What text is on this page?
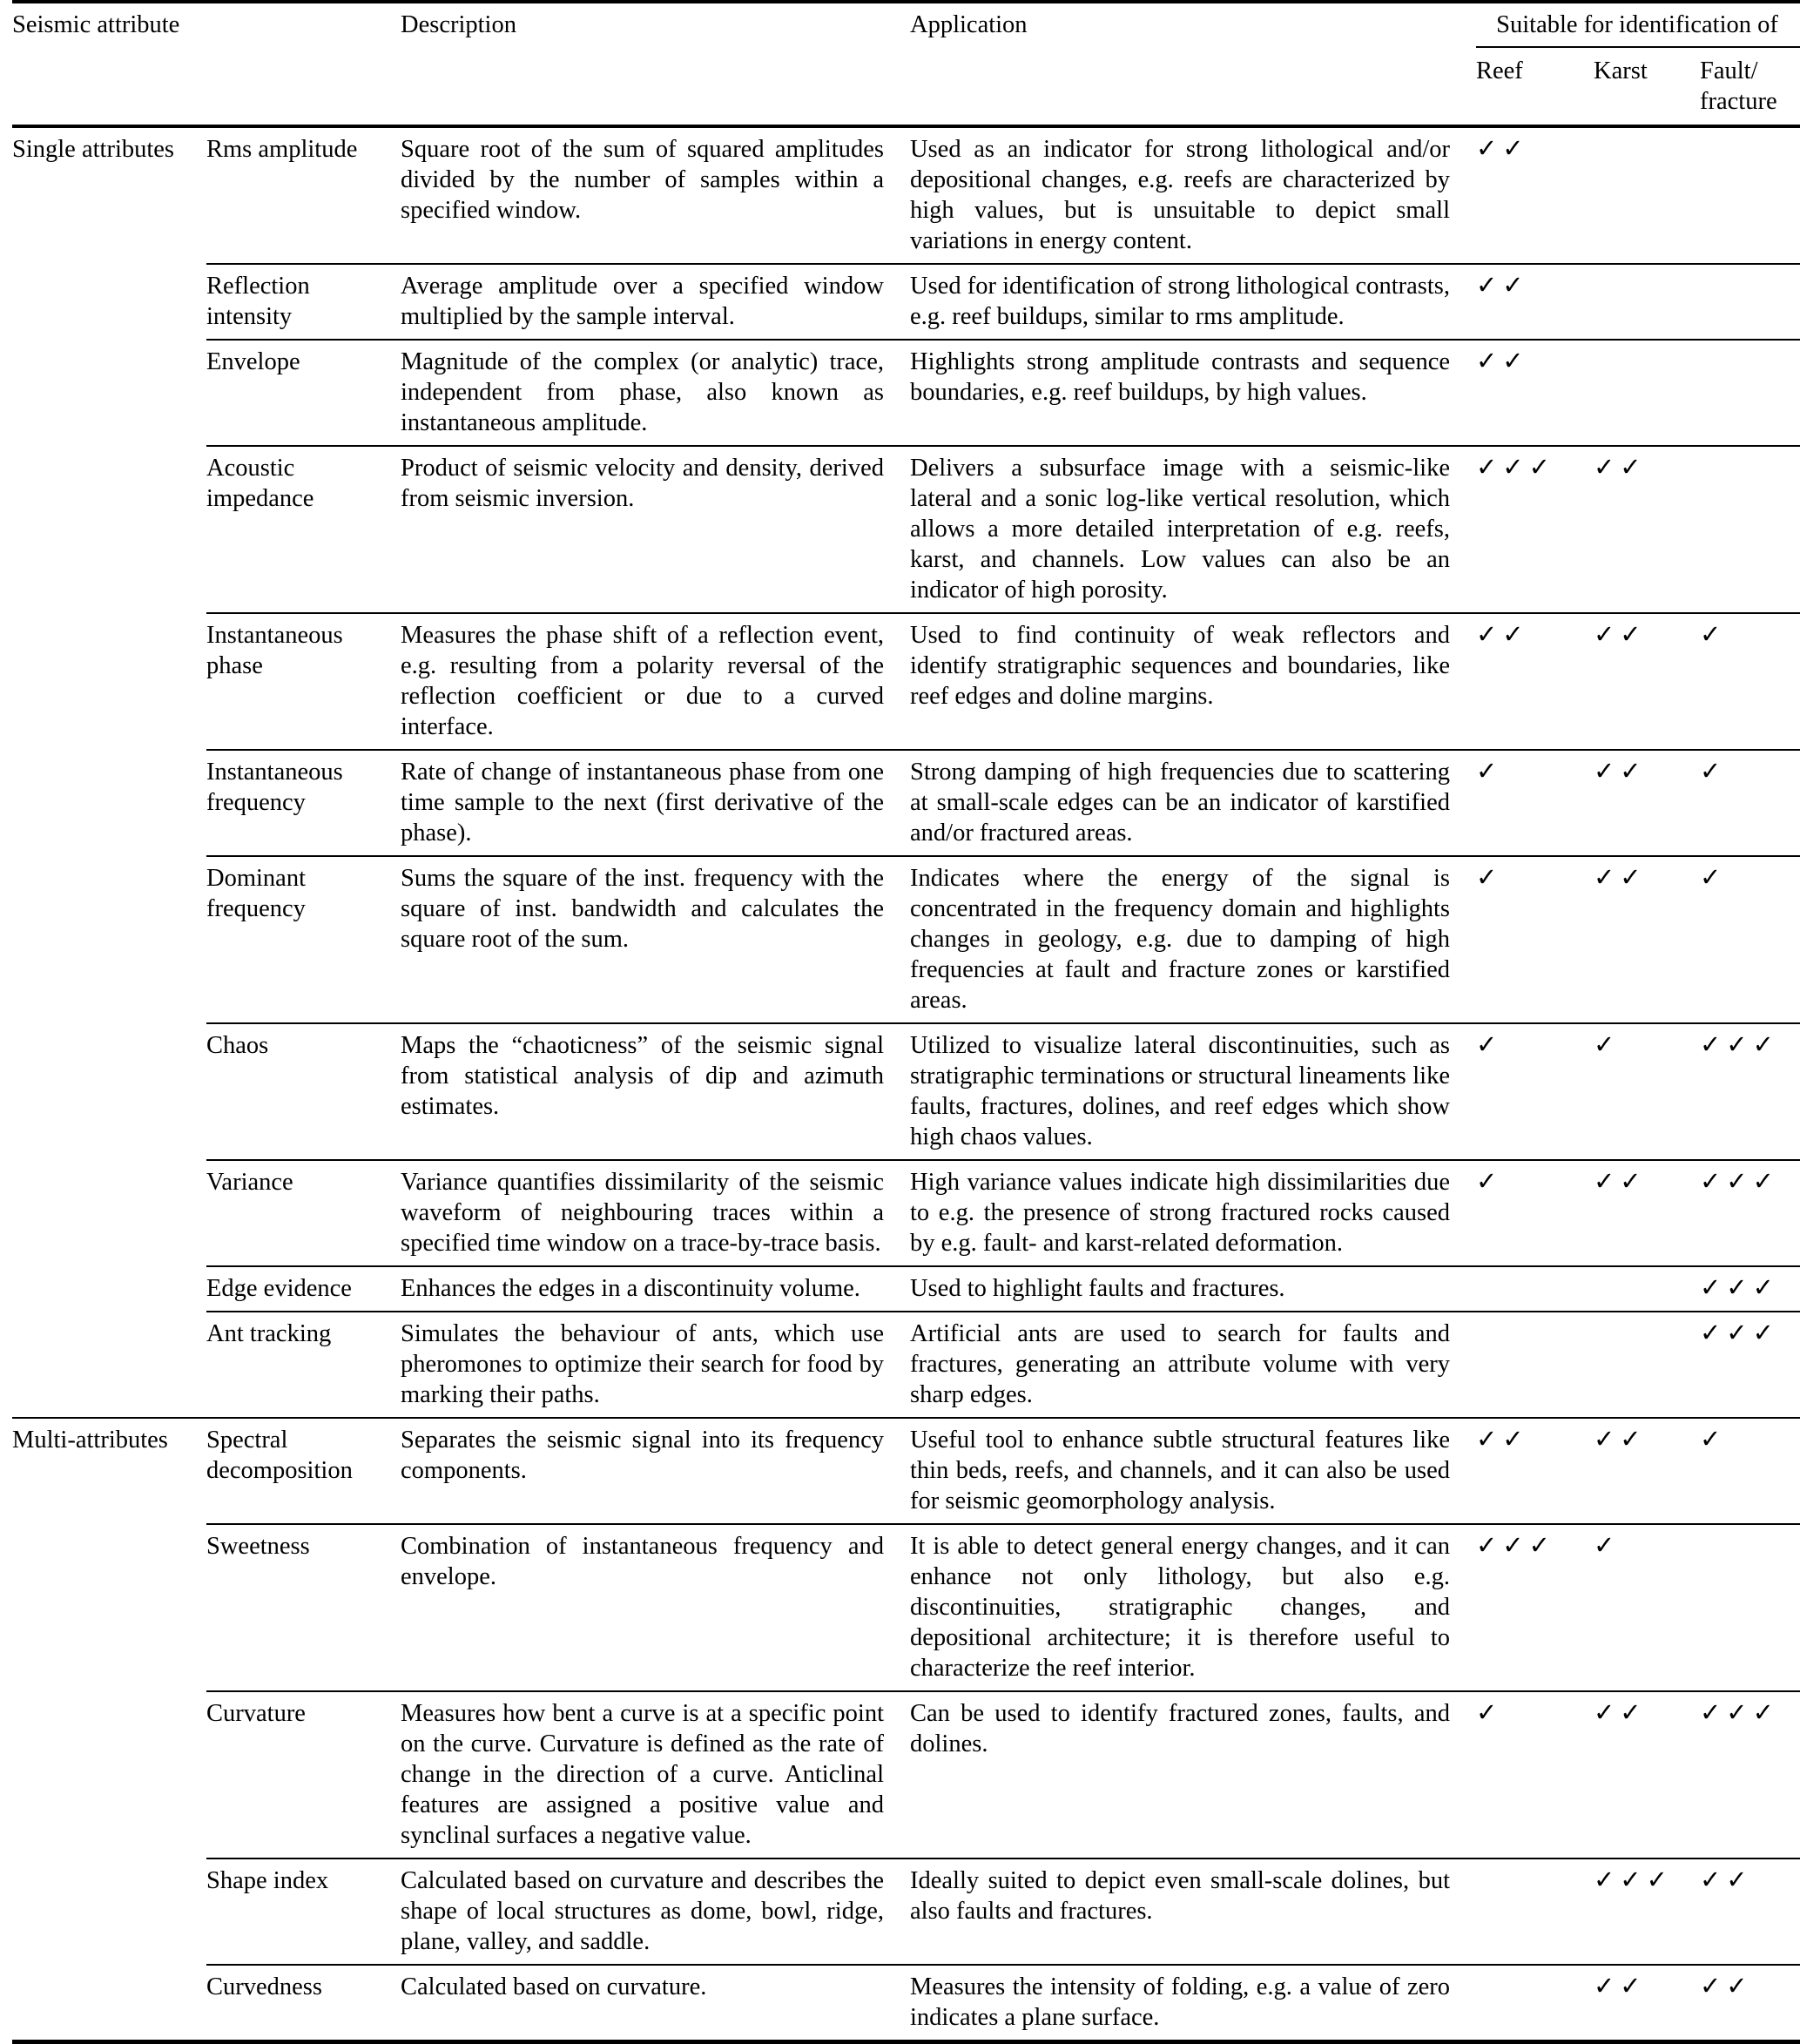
Seismic attribute		Description	Application	Suitable for identification of		
				Reef	Karst	Fault/
fracture

Single attributes	Rms amplitude	Square root of the sum of squared amplitudes divided by the number of samples within a specified window.	Used as an indicator for strong lithological and/or depositional changes, e.g. reefs are characterized by high values, but is unsuitable to depict small variations in energy content.	✓✓		
	Reflection intensity	Average amplitude over a specified window multiplied by the sample interval.	Used for identification of strong lithological contrasts, e.g. reef buildups, similar to rms amplitude.	✓✓		
	Envelope	Magnitude of the complex (or analytic) trace, independent from phase, also known as instantaneous amplitude.	Highlights strong amplitude contrasts and sequence boundaries, e.g. reef buildups, by high values.	✓✓		
	Acoustic impedance	Product of seismic velocity and density, derived from seismic inversion.	Delivers a subsurface image with a seismic-like lateral and a sonic log-like vertical resolution, which allows a more detailed interpretation of e.g. reefs, karst, and channels. Low values can also be an indicator of high porosity.	✓✓✓	✓✓	
	Instantaneous phase	Measures the phase shift of a reflection event, e.g. resulting from a polarity reversal of the reflection coefficient or due to a curved interface.	Used to find continuity of weak reflectors and identify stratigraphic sequences and boundaries, like reef edges and doline margins.	✓✓	✓✓	✓
	Instantaneous frequency	Rate of change of instantaneous phase from one time sample to the next (first derivative of the phase).	Strong damping of high frequencies due to scattering at small-scale edges can be an indicator of karstified and/or fractured areas.	✓	✓✓	✓
	Dominant frequency	Sums the square of the inst. frequency with the square of inst. bandwidth and calculates the square root of the sum.	Indicates where the energy of the signal is concentrated in the frequency domain and highlights changes in geology, e.g. due to damping of high frequencies at fault and fracture zones or karstified areas.	✓	✓✓	✓
	Chaos	Maps the “chaoticness” of the seismic signal from statistical analysis of dip and azimuth estimates.	Utilized to visualize lateral discontinuities, such as stratigraphic terminations or structural lineaments like faults, fractures, dolines, and reef edges which show high chaos values.	✓	✓	✓✓✓
	Variance	Variance quantifies dissimilarity of the seismic waveform of neighbouring traces within a specified time window on a trace-by-trace basis.	High variance values indicate high dissimilarities due to e.g. the presence of strong fractured rocks caused by e.g. fault- and karst-related deformation.	✓	✓✓	✓✓✓
	Edge evidence	Enhances the edges in a discontinuity volume.	Used to highlight faults and fractures.			✓✓✓
	Ant tracking	Simulates the behaviour of ants, which use pheromones to optimize their search for food by marking their paths.	Artificial ants are used to search for faults and fractures, generating an attribute volume with very sharp edges.			✓✓✓
Multi-attributes	Spectral decomposition	Separates the seismic signal into its frequency components.	Useful tool to enhance subtle structural features like thin beds, reefs, and channels, and it can also be used for seismic geomorphology analysis.	✓✓	✓✓	✓
	Sweetness	Combination of instantaneous frequency and envelope.	It is able to detect general energy changes, and it can enhance not only lithology, but also e.g. discontinuities, stratigraphic changes, and depositional architecture; it is therefore useful to characterize the reef interior.	✓✓✓	✓	
	Curvature	Measures how bent a curve is at a specific point on the curve. Curvature is defined as the rate of change in the direction of a curve. Anticlinal features are assigned a positive value and synclinal surfaces a negative value.	Can be used to identify fractured zones, faults, and dolines.	✓	✓✓	✓✓✓
	Shape index	Calculated based on curvature and describes the shape of local structures as dome, bowl, ridge, plane, valley, and saddle.	Ideally suited to depict even small-scale dolines, but also faults and fractures.		✓✓✓	✓✓
	Curvedness	Calculated based on curvature.	Measures the intensity of folding, e.g. a value of zero indicates a plane surface.		✓✓	✓✓
